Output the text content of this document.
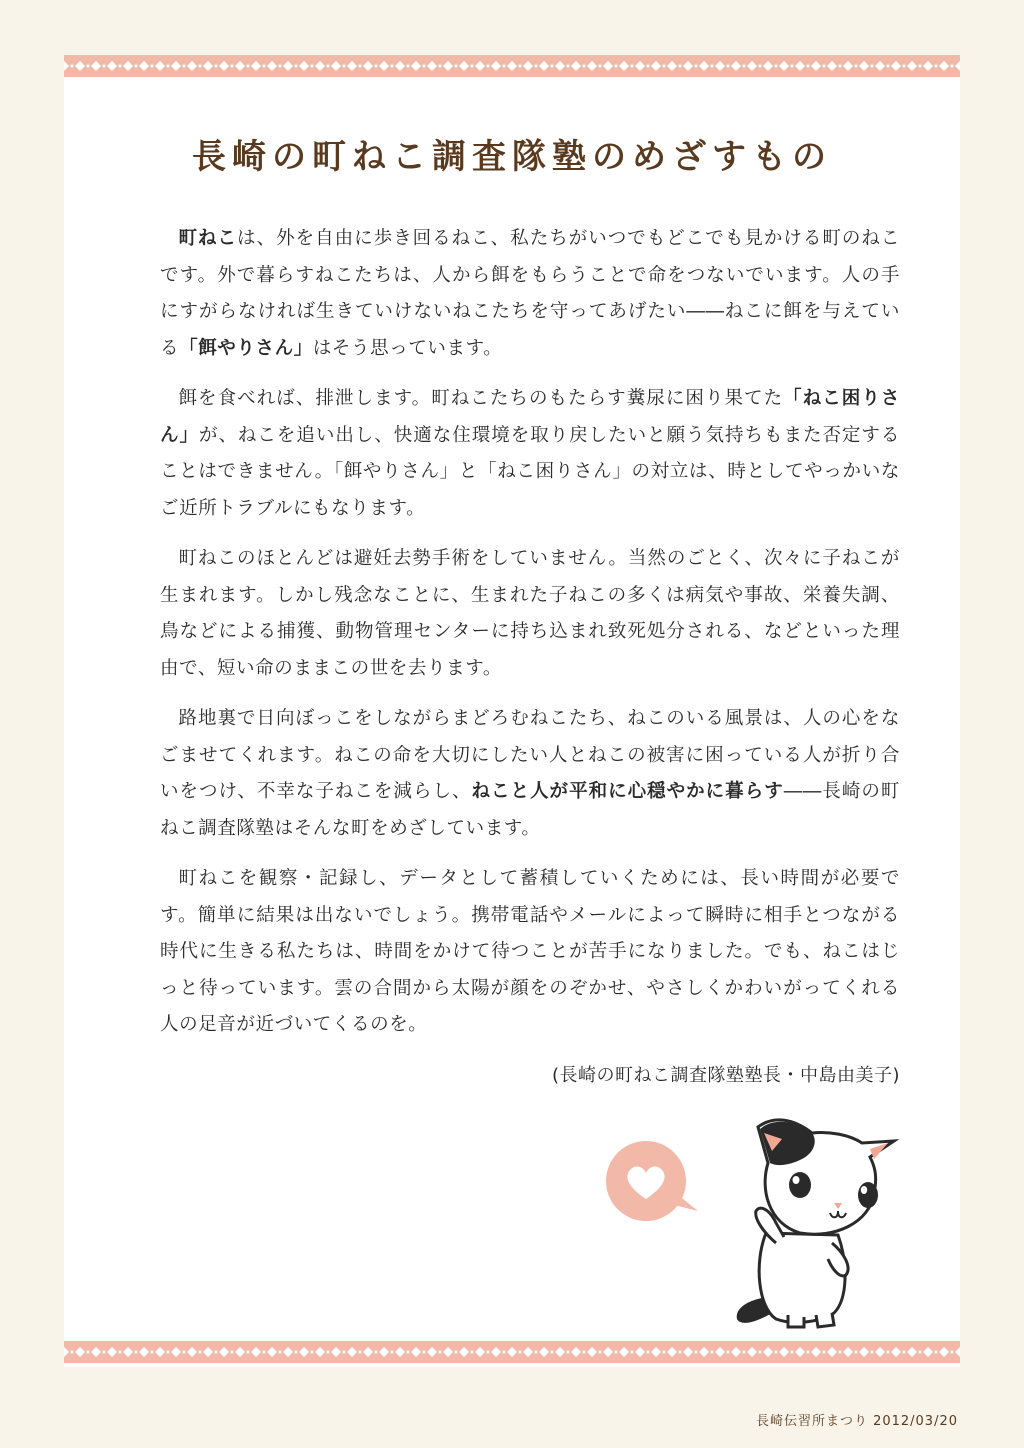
長崎の町ねこ調査隊塾のめざすもの

町ねこは、外を自由に歩き回るねこ、私たちがいつでもどこでも見かける町のねこです。外で暮らすねこたちは、人から餌をもらうことで命をつないでいます。人の手にすがらなければ生きていけないねこたちを守ってあげたい――ねこに餌を与えている「餌やりさん」はそう思っています。

餌を食べれば、排泄します。町ねこたちのもたらす糞尿に困り果てた「ねこ困りさん」が、ねこを追い出し、快適な住環境を取り戻したいと願う気持ちもまた否定することはできません。「餌やりさん」と「ねこ困りさん」の対立は、時としてやっかいなご近所トラブルにもなります。

町ねこのほとんどは避妊去勢手術をしていません。当然のごとく、次々に子ねこが生まれます。しかし残念なことに、生まれた子ねこの多くは病気や事故、栄養失調、鳥などによる捕獲、動物管理センターに持ち込まれ致死処分される、などといった理由で、短い命のままこの世を去ります。

路地裏で日向ぼっこをしながらまどろむねこたち、ねこのいる風景は、人の心をなごませてくれます。ねこの命を大切にしたい人とねこの被害に困っている人が折り合いをつけ、不幸な子ねこを減らし、ねこと人が平和に心穏やかに暮らす――長崎の町ねこ調査隊塾はそんな町をめざしています。

町ねこを観察・記録し、データとして蓄積していくためには、長い時間が必要です。簡単に結果は出ないでしょう。携帯電話やメールによって瞬時に相手とつながる時代に生きる私たちは、時間をかけて待つことが苦手になりました。でも、ねこはじっと待っています。雲の合間から太陽が顔をのぞかせ、やさしくかわいがってくれる人の足音が近づいてくるのを。

(長崎の町ねこ調査隊塾塾長・中島由美子)

長崎伝習所まつり 2012/03/20
